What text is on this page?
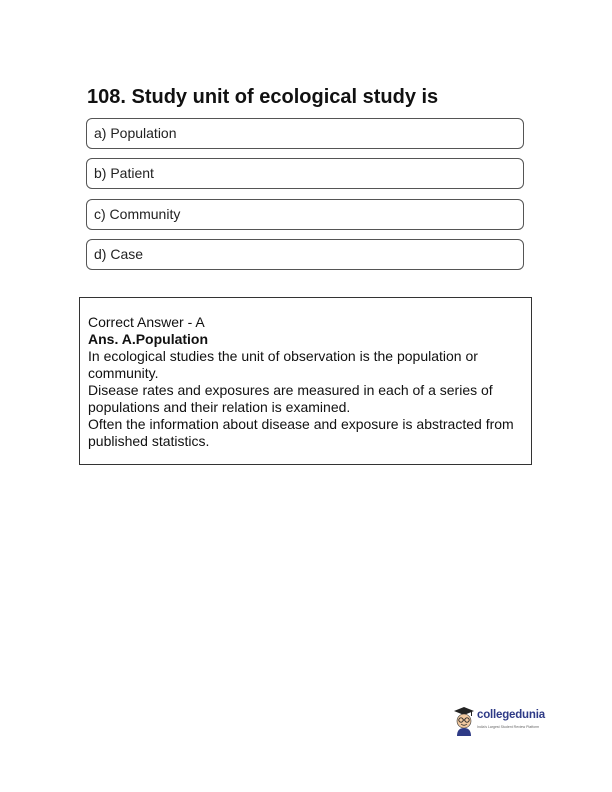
108. Study unit of ecological study is
a) Population
b) Patient
c) Community
d) Case
Correct Answer - A
Ans. A.Population
In ecological studies the unit of observation is the population or
community.
Disease rates and exposures are measured in each of a series of
populations and their relation is examined.
Often the information about disease and exposure is abstracted from
published statistics.
collegedunia
India's Largest Student Review Platform
